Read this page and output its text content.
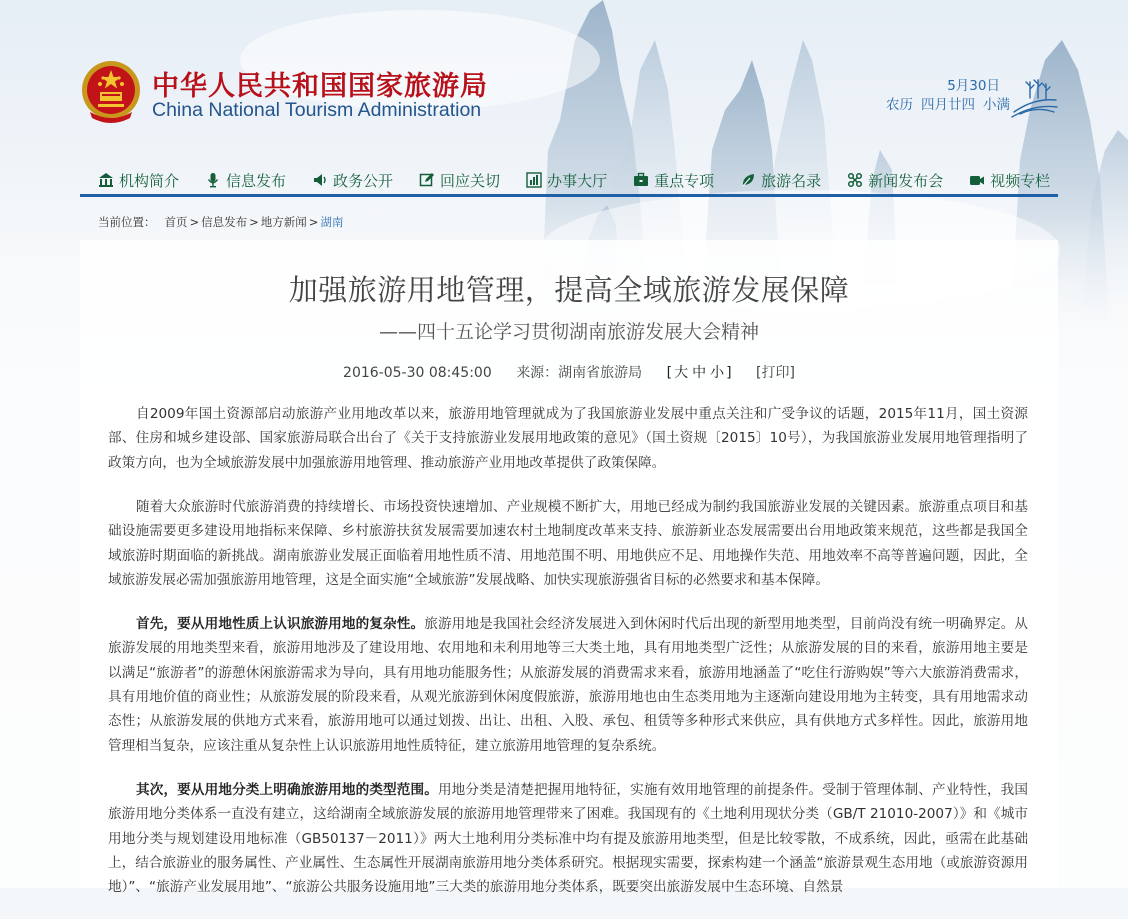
中华人民共和国国家旅游局
China National Tourism Administration
5月30日
农历 四月廿四 小满
机构简介	信息发布	政务公开	回应关切	办事大厅	重点专项	旅游名录	新闻发布会	视频专栏
当前位置： 首页 > 信息发布 > 地方新闻 > 湖南
加强旅游用地管理，提高全域旅游发展保障
——四十五论学习贯彻湖南旅游发展大会精神
2016-05-30 08:45:00 来源：湖南省旅游局 [ 大 中 小 ] [打印]

自2009年国土资源部启动旅游产业用地改革以来，旅游用地管理就成为了我国旅游业发展中重点关注和广受争议的话题，2015年11月，国土资源部、住房和城乡建设部、国家旅游局联合出台了《关于支持旅游业发展用地政策的意见》（国土资规〔2015〕10号），为我国旅游业发展用地管理指明了政策方向，也为全域旅游发展中加强旅游用地管理、推动旅游产业用地改革提供了政策保障。

随着大众旅游时代旅游消费的持续增长、市场投资快速增加、产业规模不断扩大，用地已经成为制约我国旅游业发展的关键因素。旅游重点项目和基础设施需要更多建设用地指标来保障、乡村旅游扶贫发展需要加速农村土地制度改革来支持、旅游新业态发展需要出台用地政策来规范，这些都是我国全域旅游时期面临的新挑战。湖南旅游业发展正面临着用地性质不清、用地范围不明、用地供应不足、用地操作失范、用地效率不高等普遍问题，因此，全域旅游发展必需加强旅游用地管理，这是全面实施“全域旅游”发展战略、加快实现旅游强省目标的必然要求和基本保障。

首先，要从用地性质上认识旅游用地的复杂性。旅游用地是我国社会经济发展进入到休闲时代后出现的新型用地类型，目前尚没有统一明确界定。从旅游发展的用地类型来看，旅游用地涉及了建设用地、农用地和未利用地等三大类土地，具有用地类型广泛性；从旅游发展的目的来看，旅游用地主要是以满足“旅游者”的游憩休闲旅游需求为导向，具有用地功能服务性；从旅游发展的消费需求来看，旅游用地涵盖了“吃住行游购娱”等六大旅游消费需求，具有用地价值的商业性；从旅游发展的阶段来看，从观光旅游到休闲度假旅游，旅游用地也由生态类用地为主逐渐向建设用地为主转变，具有用地需求动态性；从旅游发展的供地方式来看，旅游用地可以通过划拨、出让、出租、入股、承包、租赁等多种形式来供应，具有供地方式多样性。因此，旅游用地管理相当复杂，应该注重从复杂性上认识旅游用地性质特征，建立旅游用地管理的复杂系统。

其次，要从用地分类上明确旅游用地的类型范围。用地分类是清楚把握用地特征，实施有效用地管理的前提条件。受制于管理体制、产业特性，我国旅游用地分类体系一直没有建立，这给湖南全域旅游发展的旅游用地管理带来了困难。我国现有的《土地利用现状分类（GB/T 21010-2007）》和《城市用地分类与规划建设用地标准（GB50137－2011）》两大土地利用分类标准中均有提及旅游用地类型，但是比较零散，不成系统，因此，亟需在此基础上，结合旅游业的服务属性、产业属性、生态属性开展湖南旅游用地分类体系研究。根据现实需要，探索构建一个涵盖“旅游景观生态用地（或旅游资源用地）”、“旅游产业发展用地”、“旅游公共服务设施用地”三大类的旅游用地分类体系，既要突出旅游发展中生态环境、自然景
